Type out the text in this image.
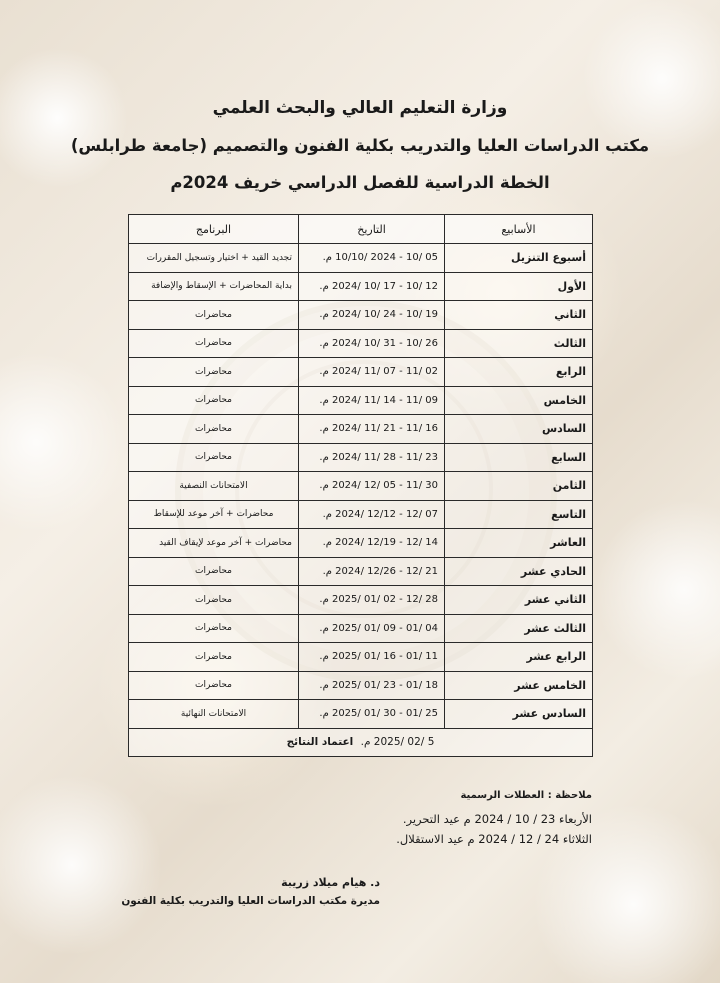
وزارة التعليم العالي والبحث العلمي
مكتب الدراسات العليا والتدريب بكلية الفنون والتصميم (جامعة طرابلس)
الخطة الدراسية للفصل الدراسي خريف 2024م
الأسابيع	التاريخ	البرنامج
أسبوع التنزيل	05 /10 - 2024 /10/10 م.	تجديد القيد + اختيار وتسجيل المقررات
الأول	12 /10 - 17 /10 /2024 م.	بداية المحاضرات + الإسقاط والإضافة
الثاني	19 /10 - 24 /10 /2024 م.	محاضرات
الثالث	26 /10 - 31 /10 /2024 م.	محاضرات
الرابع	02 /11 - 07 /11 /2024 م.	محاضرات
الخامس	09 /11 - 14 /11 /2024 م.	محاضرات
السادس	16 /11 - 21 /11 /2024 م.	محاضرات
السابع	23 /11 - 28 /11 /2024 م.	محاضرات
الثامن	30 /11 - 05 /12 /2024 م.	الامتحانات النصفية
التاسع	07 /12 - 12/12 /2024 م.	محاضرات + آخر موعد للإسقاط
العاشر	14 /12 - 12/19 /2024 م.	محاضرات + آخر موعد لإيقاف القيد
الحادي عشر	21 /12 - 12/26 /2024 م.	محاضرات
الثاني عشر	28 /12 - 02 /01 /2025 م.	محاضرات
الثالث عشر	04 /01 - 09 /01 /2025 م.	محاضرات
الرابع عشر	11 /01 - 16 /01 /2025 م.	محاضرات
الخامس عشر	18 /01 - 23 /01 /2025 م.	محاضرات
السادس عشر	25 /01 - 30 /01 /2025 م.	الامتحانات النهائية
5 /02 /2025 م. اعتماد النتائج		
ملاحظة : العطلات الرسمية
الأربعاء 23 / 10 / 2024 م عيد التحرير.
الثلاثاء 24 / 12 / 2024 م عيد الاستقلال.
د. هيام ميلاد زريبة
مديرة مكتب الدراسات العليا والتدريب بكلية الفنون
